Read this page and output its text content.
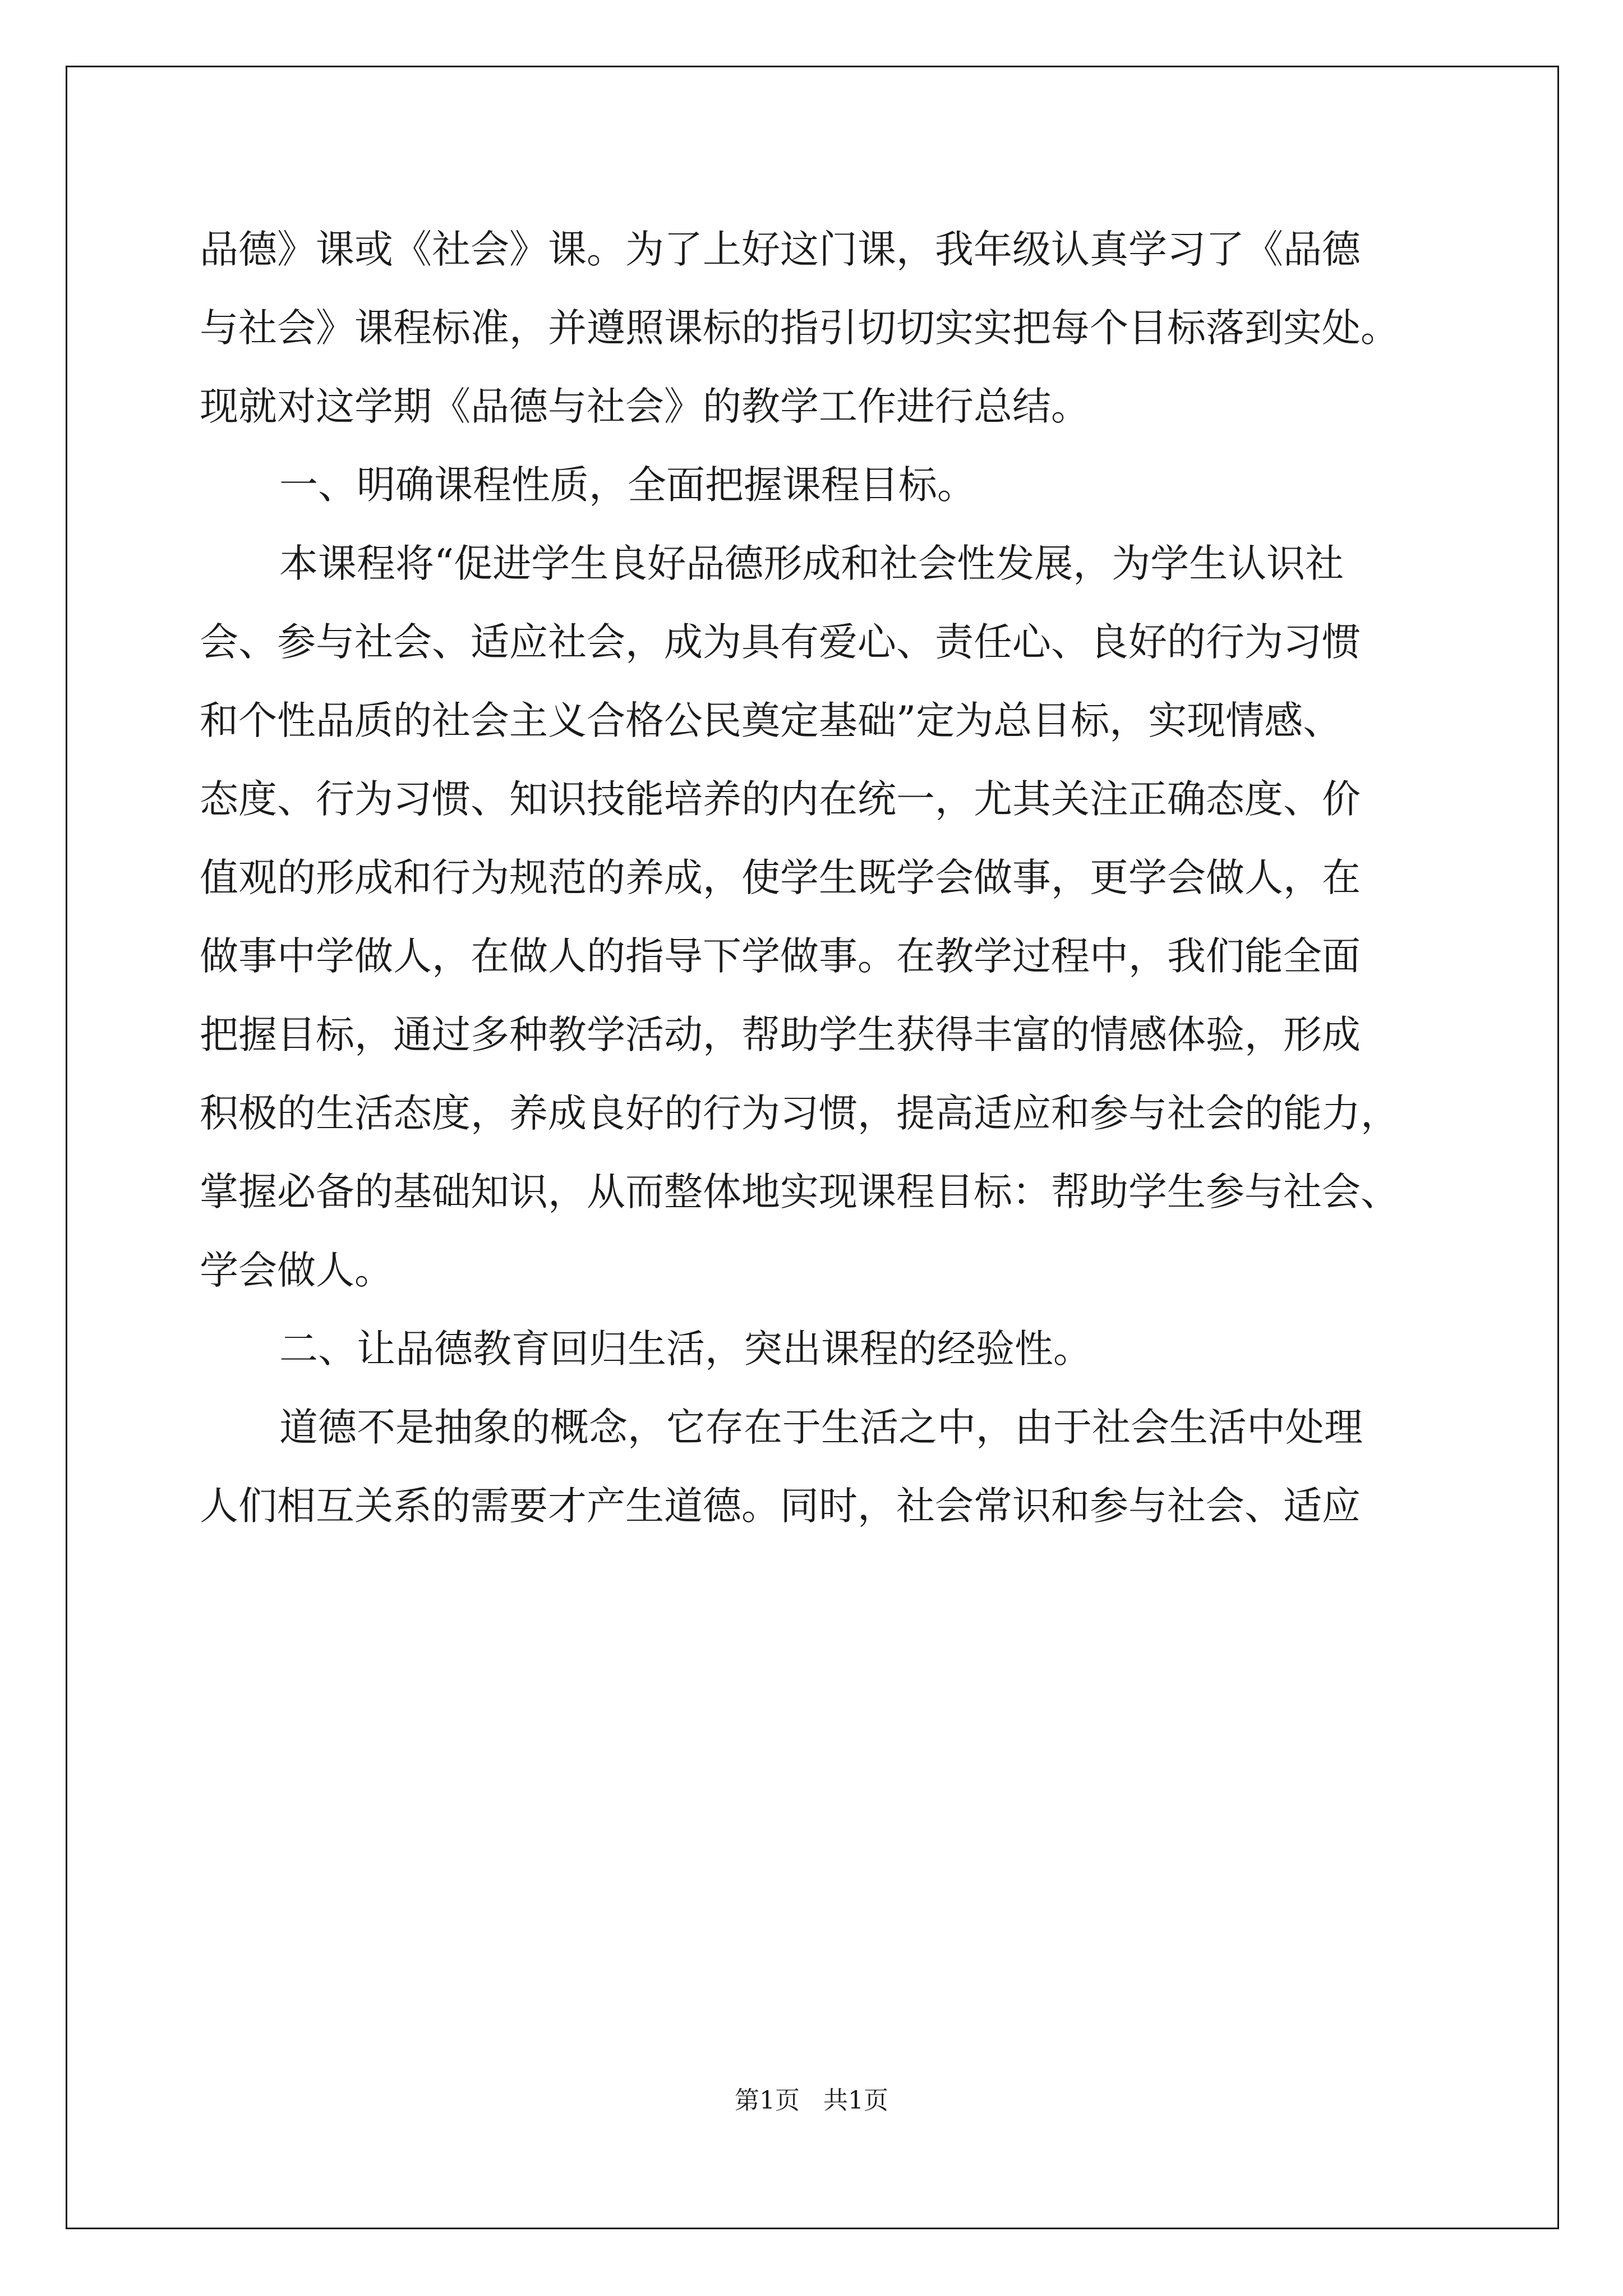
品德》课或《社会》课。为了上好这门课，我年级认真学习了《品德
与社会》课程标准，并遵照课标的指引切切实实把每个目标落到实处。
现就对这学期《品德与社会》的教学工作进行总结。
一、明确课程性质，全面把握课程目标。
本课程将“促进学生良好品德形成和社会性发展，为学生认识社
会、参与社会、适应社会，成为具有爱心、责任心、良好的行为习惯
和个性品质的社会主义合格公民奠定基础”定为总目标，实现情感、
态度、行为习惯、知识技能培养的内在统一，尤其关注正确态度、价
值观的形成和行为规范的养成，使学生既学会做事，更学会做人，在
做事中学做人，在做人的指导下学做事。在教学过程中，我们能全面
把握目标，通过多种教学活动，帮助学生获得丰富的情感体验，形成
积极的生活态度，养成良好的行为习惯，提高适应和参与社会的能力，
掌握必备的基础知识，从而整体地实现课程目标：帮助学生参与社会、
学会做人。
二、让品德教育回归生活，突出课程的经验性。
道德不是抽象的概念，它存在于生活之中，由于社会生活中处理
人们相互关系的需要才产生道德。同时，社会常识和参与社会、适应
第1页   共1页
